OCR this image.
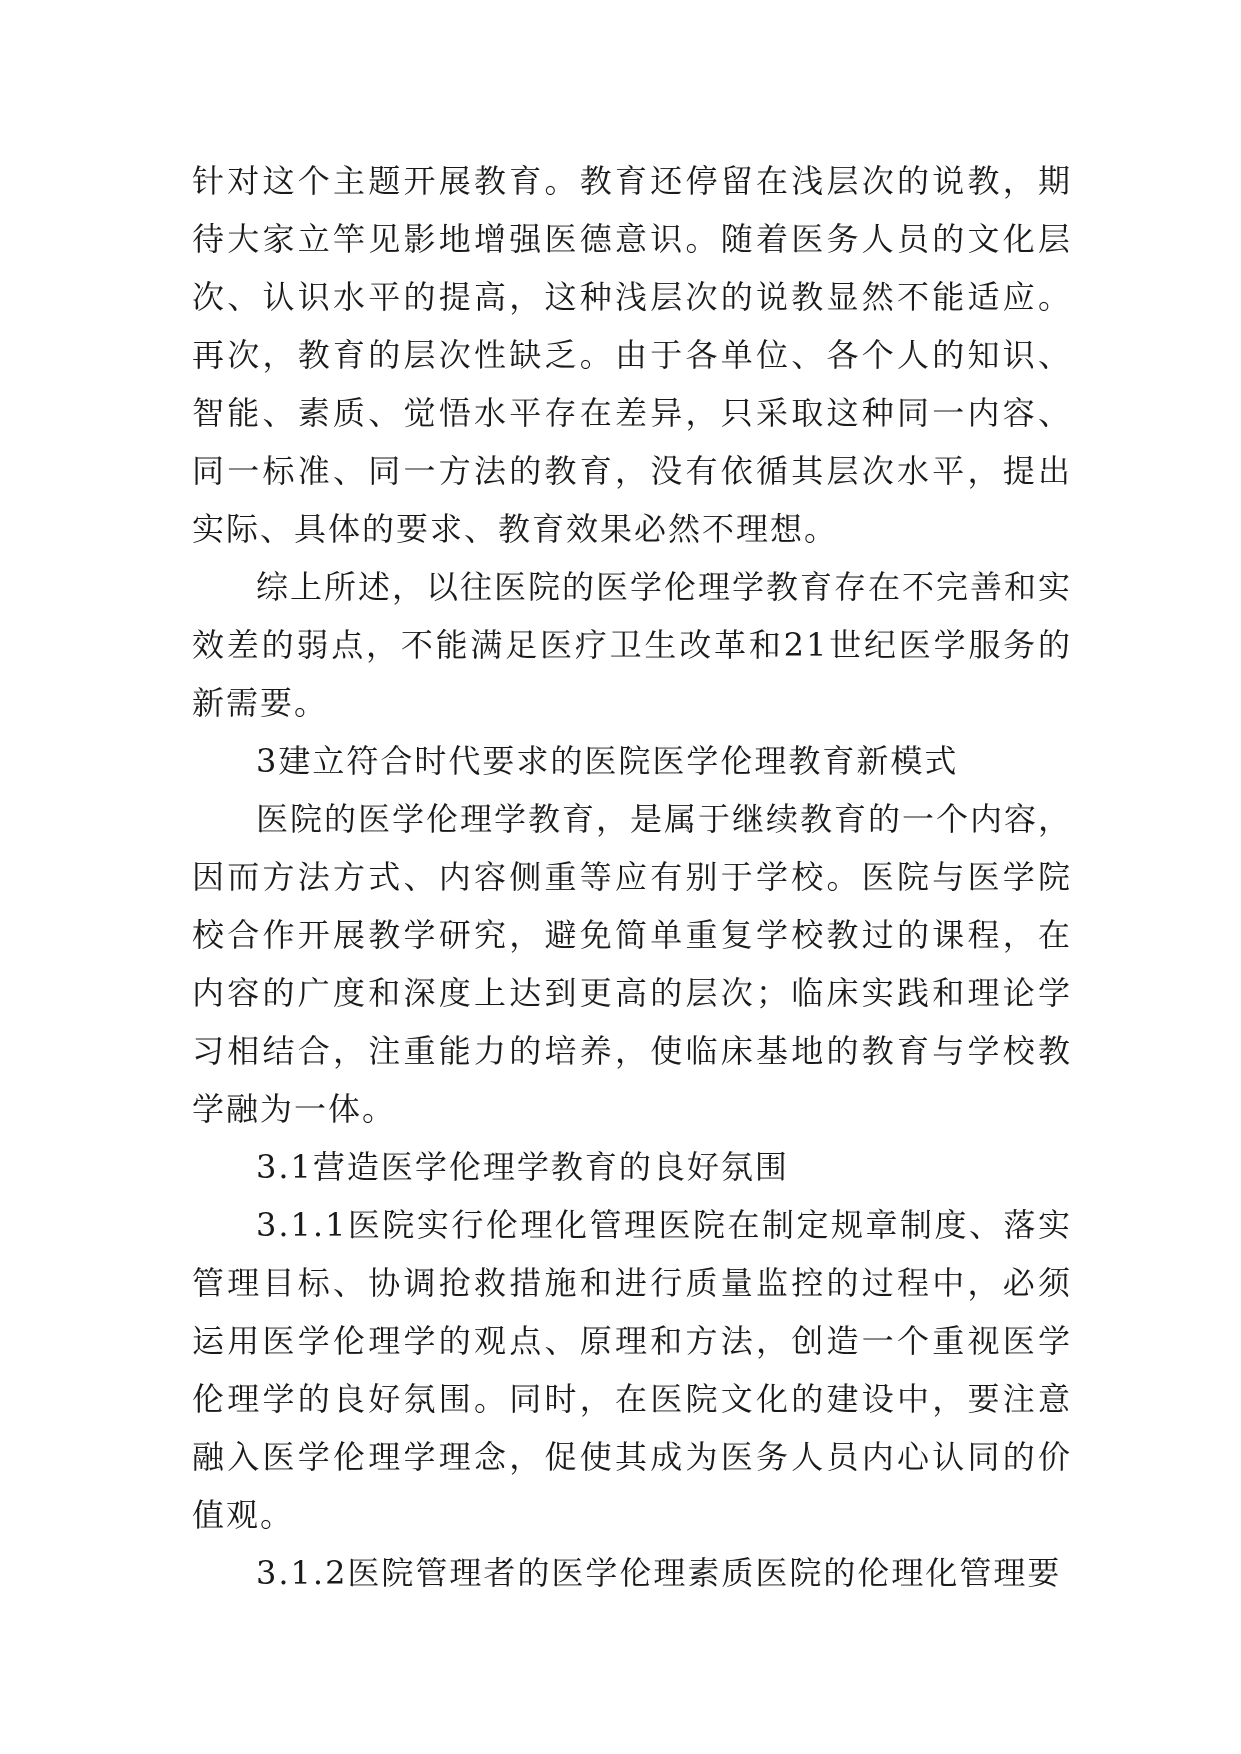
针对这个主题开展教育。教育还停留在浅层次的说教，期待大家立竿见影地增强医德意识。随着医务人员的文化层次、认识水平的提高，这种浅层次的说教显然不能适应。再次，教育的层次性缺乏。由于各单位、各个人的知识、智能、素质、觉悟水平存在差异，只采取这种同一内容、同一标准、同一方法的教育，没有依循其层次水平，提出实际、具体的要求、教育效果必然不理想。

综上所述，以往医院的医学伦理学教育存在不完善和实效差的弱点，不能满足医疗卫生改革和21世纪医学服务的新需要。

3建立符合时代要求的医院医学伦理教育新模式

医院的医学伦理学教育，是属于继续教育的一个内容，因而方法方式、内容侧重等应有别于学校。医院与医学院校合作开展教学研究，避免简单重复学校教过的课程，在内容的广度和深度上达到更高的层次；临床实践和理论学习相结合，注重能力的培养，使临床基地的教育与学校教学融为一体。

3.1营造医学伦理学教育的良好氛围

3.1.1医院实行伦理化管理医院在制定规章制度、落实管理目标、协调抢救措施和进行质量监控的过程中，必须运用医学伦理学的观点、原理和方法，创造一个重视医学伦理学的良好氛围。同时，在医院文化的建设中，要注意融入医学伦理学理念，促使其成为医务人员内心认同的价值观。

3.1.2医院管理者的医学伦理素质医院的伦理化管理要
